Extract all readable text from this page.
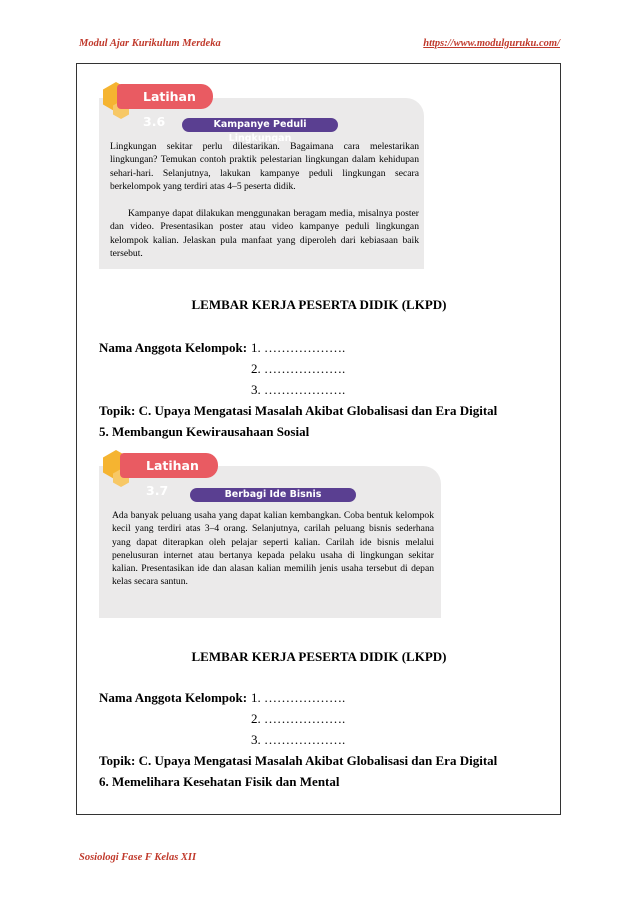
Modul Ajar Kurikulum Merdeka	https://www.modulguruku.com/
Latihan 3.6	Kampanye Peduli Lingkungan

Lingkungan sekitar perlu dilestarikan. Bagaimana cara melestarikan lingkungan? Temukan contoh praktik pelestarian lingkungan dalam kehidupan sehari-hari. Selanjutnya, lakukan kampanye peduli lingkungan secara berkelompok yang terdiri atas 4–5 peserta didik.

Kampanye dapat dilakukan menggunakan beragam media, misalnya poster dan video. Presentasikan poster atau video kampanye peduli lingkungan kelompok kalian. Jelaskan pula manfaat yang diperoleh dari kebiasaan baik tersebut.

LEMBAR KERJA PESERTA DIDIK (LKPD)
Nama Anggota Kelompok: 1. ……………….
2. ……………….
3. ……………….
Topik: C. Upaya Mengatasi Masalah Akibat Globalisasi dan Era Digital
5. Membangun Kewirausahaan Sosial
Latihan 3.7	Berbagi Ide Bisnis

Ada banyak peluang usaha yang dapat kalian kembangkan. Coba bentuk kelompok kecil yang terdiri atas 3–4 orang. Selanjutnya, carilah peluang bisnis sederhana yang dapat diterapkan oleh pelajar seperti kalian. Carilah ide bisnis melalui penelusuran internet atau bertanya kepada pelaku usaha di lingkungan sekitar kalian. Presentasikan ide dan alasan kalian memilih jenis usaha tersebut di depan kelas secara santun.

LEMBAR KERJA PESERTA DIDIK (LKPD)
Nama Anggota Kelompok: 1. ……………….
2. ……………….
3. ……………….
Topik: C. Upaya Mengatasi Masalah Akibat Globalisasi dan Era Digital
6. Memelihara Kesehatan Fisik dan Mental
Sosiologi Fase F Kelas XII
